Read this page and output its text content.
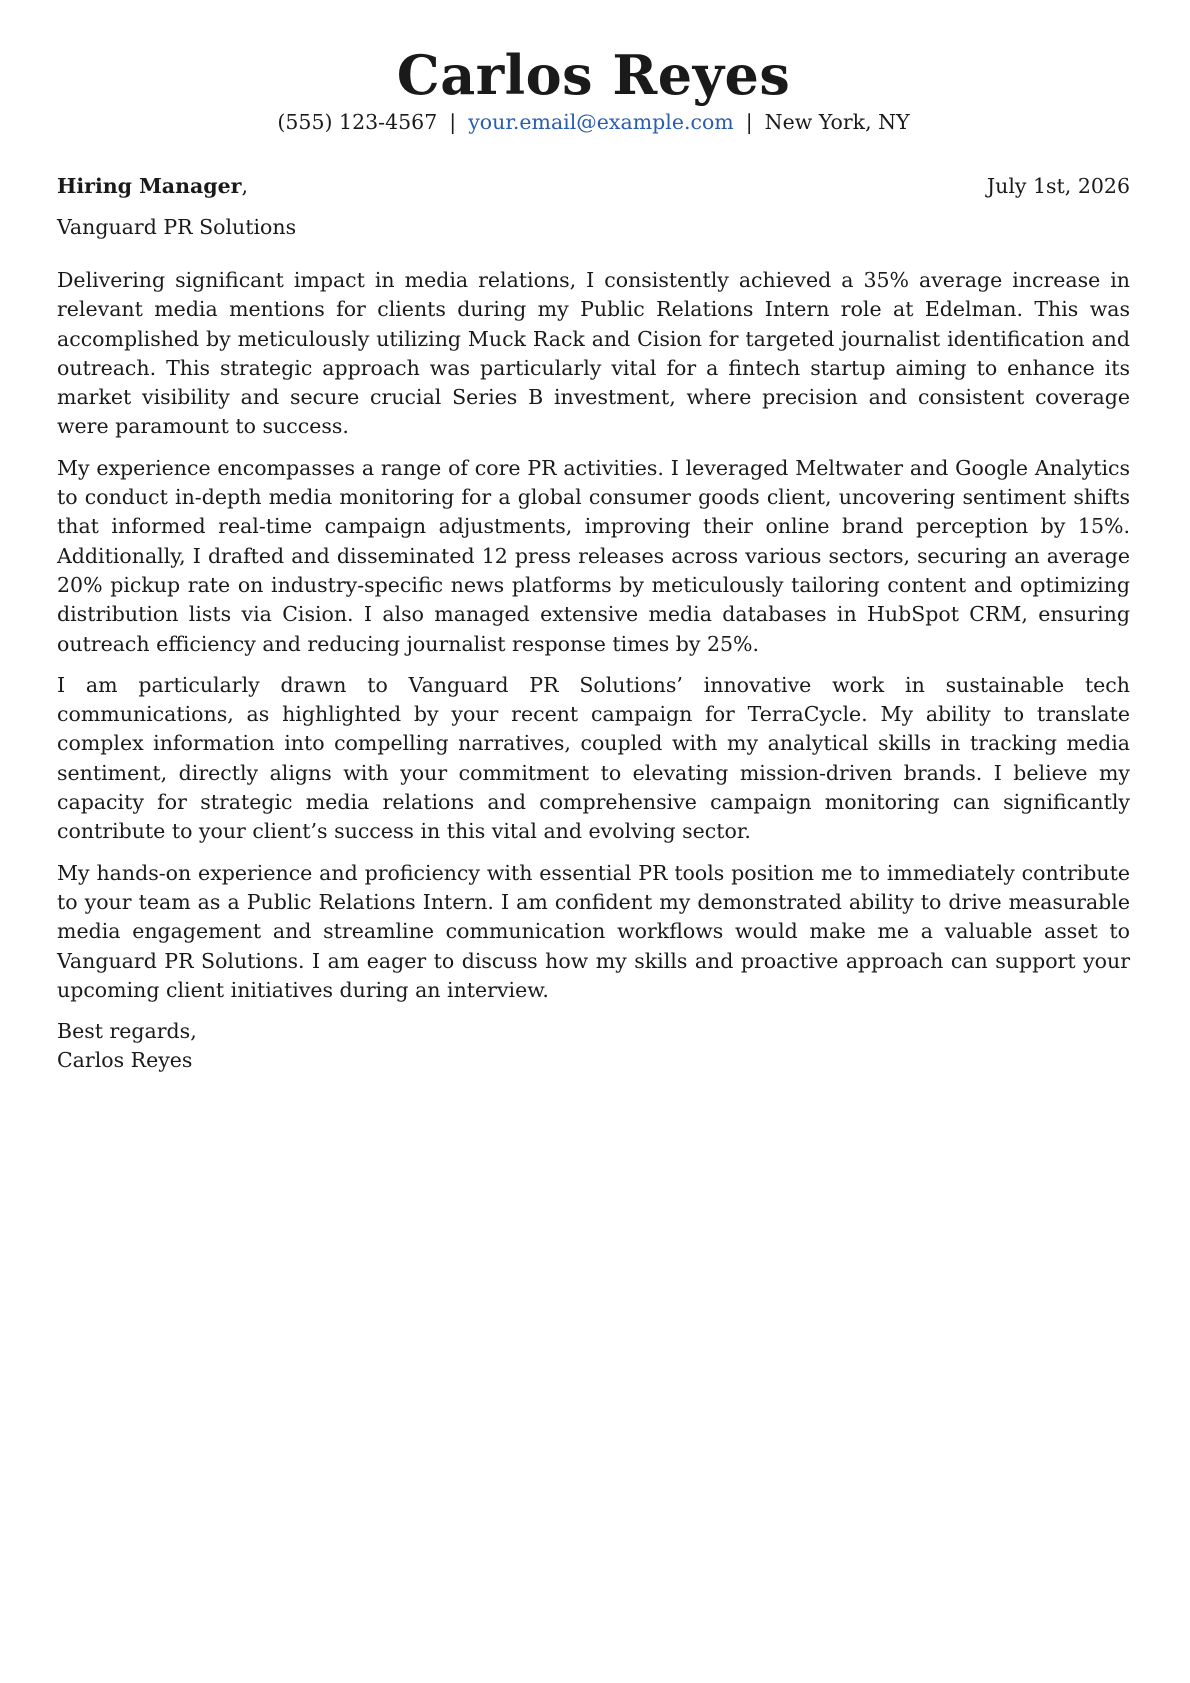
Carlos Reyes
(555) 123-4567 | your.email@example.com | New York, NY
Hiring Manager,	July 1st, 2026
Vanguard PR Solutions

Delivering significant impact in media relations, I consistently achieved a 35% average increase in relevant media mentions for clients during my Public Relations Intern role at Edelman. This was accomplished by meticulously utilizing Muck Rack and Cision for targeted journalist identification and outreach. This strategic approach was particularly vital for a fintech startup aiming to enhance its market visibility and secure crucial Series B investment, where precision and consistent coverage were paramount to success.

My experience encompasses a range of core PR activities. I leveraged Meltwater and Google Analytics to conduct in-depth media monitoring for a global consumer goods client, uncovering sentiment shifts that informed real-time campaign adjustments, improving their online brand perception by 15%. Additionally, I drafted and disseminated 12 press releases across various sectors, securing an average 20% pickup rate on industry-specific news platforms by meticulously tailoring content and optimizing distribution lists via Cision. I also managed extensive media databases in HubSpot CRM, ensuring outreach efficiency and reducing journalist response times by 25%.

I am particularly drawn to Vanguard PR Solutions’ innovative work in sustainable tech communications, as highlighted by your recent campaign for TerraCycle. My ability to translate complex information into compelling narratives, coupled with my analytical skills in tracking media sentiment, directly aligns with your commitment to elevating mission-driven brands. I believe my capacity for strategic media relations and comprehensive campaign monitoring can significantly contribute to your client’s success in this vital and evolving sector.

My hands-on experience and proficiency with essential PR tools position me to immediately contribute to your team as a Public Relations Intern. I am confident my demonstrated ability to drive measurable media engagement and streamline communication workflows would make me a valuable asset to Vanguard PR Solutions. I am eager to discuss how my skills and proactive approach can support your upcoming client initiatives during an interview.

Best regards,
Carlos Reyes
